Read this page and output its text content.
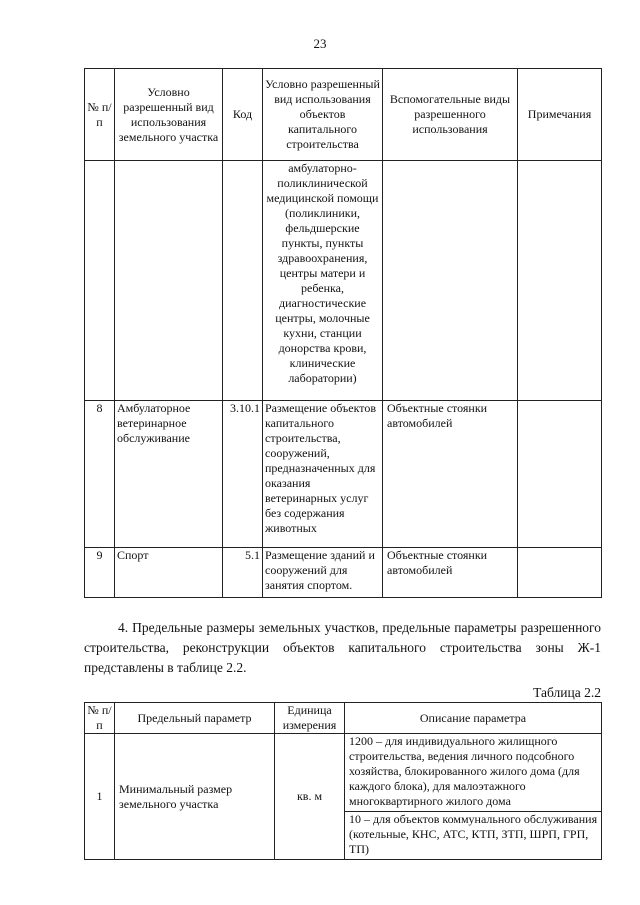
23
№ п/п	Условно разрешенный вид использования земельного участка	Код	Условно разрешенный вид использования объектов капитального строительства	Вспомогательные виды разрешенного использования	Примечания
			амбулаторно-поликлинической медицинской помощи (поликлиники, фельдшерские пункты, пункты здравоохранения, центры матери и ребенка, диагностические центры, молочные кухни, станции донорства крови, клинические лаборатории)		
8	Амбулаторное ветеринарное обслуживание	3.10.1	Размещение объектов капитального строительства, сооружений, предназначенных для оказания ветеринарных услуг без содержания животных	Объектные стоянки автомобилей	
9	Спорт	5.1	Размещение зданий и сооружений для занятия спортом.	Объектные стоянки автомобилей	
4. Предельные размеры земельных участков, предельные параметры разрешенного строительства, реконструкции объектов капитального строительства зоны Ж-1 представлены в таблице 2.2.
Таблица 2.2
№ п/п	Предельный параметр	Единица измерения	Описание параметра
1	Минимальный размер земельного участка	кв. м	1200 – для индивидуального жилищного строительства, ведения личного подсобного хозяйства, блокированного жилого дома (для каждого блока), для малоэтажного многоквартирного жилого дома
			10 – для объектов коммунального обслуживания (котельные, КНС, АТС, КТП, ЗТП, ШРП, ГРП, ТП)
